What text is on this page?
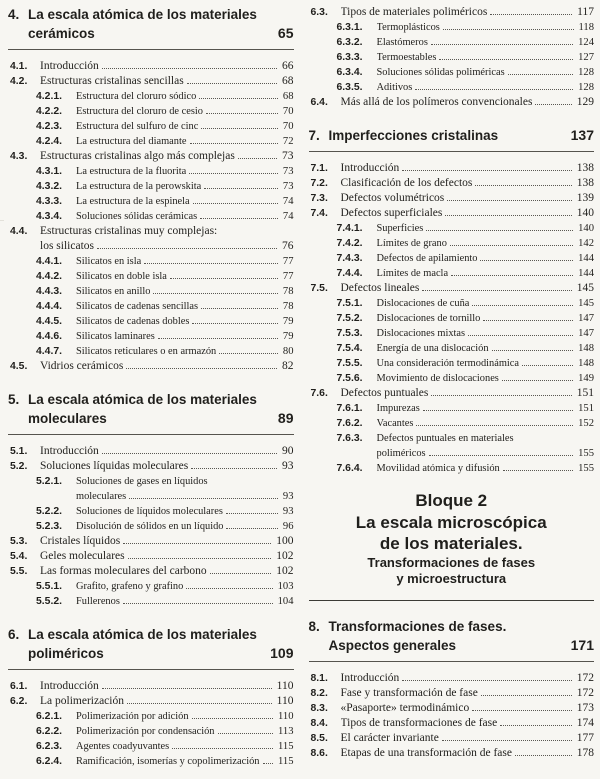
4. La escala atómica de los materiales
cerámicos	65
4.1.	Introducción	66
4.2.	Estructuras cristalinas sencillas	68
4.2.1.	Estructura del cloruro sódico	68
4.2.2.	Estructura del cloruro de cesio	70
4.2.3.	Estructura del sulfuro de cinc	70
4.2.4.	La estructura del diamante	72
4.3.	Estructuras cristalinas algo más complejas	73
4.3.1.	La estructura de la fluorita	73
4.3.2.	La estructura de la perowskita	73
4.3.3.	La estructura de la espinela	74
4.3.4.	Soluciones sólidas cerámicas	74
4.4.	Estructuras cristalinas muy complejas:
los silicatos	76
4.4.1.	Silicatos en isla	77
4.4.2.	Silicatos en doble isla	77
4.4.3.	Silicatos en anillo	78
4.4.4.	Silicatos de cadenas sencillas	78
4.4.5.	Silicatos de cadenas dobles	79
4.4.6.	Silicatos laminares	79
4.4.7.	Silicatos reticulares o en armazón	80
4.5.	Vidrios cerámicos	82
5. La escala atómica de los materiales
moleculares	89
5.1.	Introducción	90
5.2.	Soluciones líquidas moleculares	93
5.2.1.	Soluciones de gases en líquidos
moleculares	93
5.2.2.	Soluciones de líquidos moleculares	93
5.2.3.	Disolución de sólidos en un líquido	96
5.3.	Cristales líquidos	100
5.4.	Geles moleculares	102
5.5.	Las formas moleculares del carbono	102
5.5.1.	Grafito, grafeno y grafino	103
5.5.2.	Fullerenos	104
6. La escala atómica de los materiales
poliméricos	109
6.1.	Introducción	110
6.2.	La polimerización	110
6.2.1.	Polimerización por adición	110
6.2.2.	Polimerización por condensación	113
6.2.3.	Agentes coadyuvantes	115
6.2.4.	Ramificación, isomerías y copolimerización 115
6.3.	Tipos de materiales poliméricos	117
6.3.1.	Termoplásticos	118
6.3.2.	Elastómeros	124
6.3.3.	Termoestables	127
6.3.4.	Soluciones sólidas poliméricas	128
6.3.5.	Aditivos	128
6.4.	Más allá de los polímeros convencionales	129
7. Imperfecciones cristalinas	137
7.1.	Introducción	138
7.2.	Clasificación de los defectos	138
7.3.	Defectos volumétricos	139
7.4.	Defectos superficiales	140
7.4.1.	Superficies	140
7.4.2.	Límites de grano	142
7.4.3.	Defectos de apilamiento	144
7.4.4.	Límites de macla	144
7.5.	Defectos lineales	145
7.5.1.	Dislocaciones de cuña	145
7.5.2.	Dislocaciones de tornillo	147
7.5.3.	Dislocaciones mixtas	147
7.5.4.	Energía de una dislocación	148
7.5.5.	Una consideración termodinámica	148
7.5.6.	Movimiento de dislocaciones	149
7.6.	Defectos puntuales	151
7.6.1.	Impurezas	151
7.6.2.	Vacantes	152
7.6.3.	Defectos puntuales en materiales
poliméricos	155
7.6.4.	Movilidad atómica y difusión	155
Bloque 2
La escala microscópica
de los materiales.
Transformaciones de fases
y microestructura
8. Transformaciones de fases.
Aspectos generales	171
8.1.	Introducción	172
8.2.	Fase y transformación de fase	172
8.3.	«Pasaporte» termodinámico	173
8.4.	Tipos de transformaciones de fase	174
8.5.	El carácter invariante	177
8.6.	Etapas de una transformación de fase	178
